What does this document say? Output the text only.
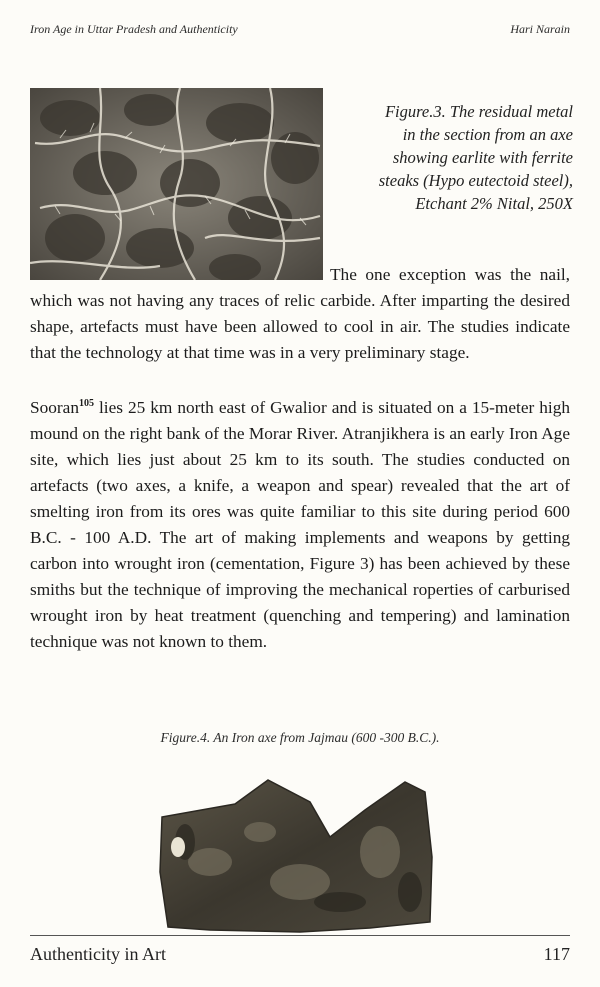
Iron Age in Uttar Pradesh and Authenticity	Hari Narain
Figure.3. The residual metal
in the section from an axe
showing earlite with ferrite
steaks (Hypo eutectoid steel),
Etchant 2% Nital, 250X

The one exception was the nail, which was not having any traces of relic carbide. After imparting the desired shape, artefacts must have been allowed to cool in air. The studies indicate that the technology at that time was in a very preliminary stage.

Sooran$^{105}$ lies 25 km north east of Gwalior and is situated on a 15-meter high mound on the right bank of the Morar River. Atranjikhera is an early Iron Age site, which lies just about 25 km to its south. The studies conducted on artefacts (two axes, a knife, a weapon and spear) revealed that the art of smelting iron from its ores was quite familiar to this site during period 600 B.C. - 100 A.D. The art of making implements and weapons by getting carbon into wrought iron (cementation, Figure 3) has been achieved by these smiths but the technique of improving the mechanical roperties of carburised wrought iron by heat treatment (quenching and tempering) and lamination technique was not known to them.

Figure.4. An Iron axe from Jajmau (600 -300 B.C.).
Authenticity in Art	117
